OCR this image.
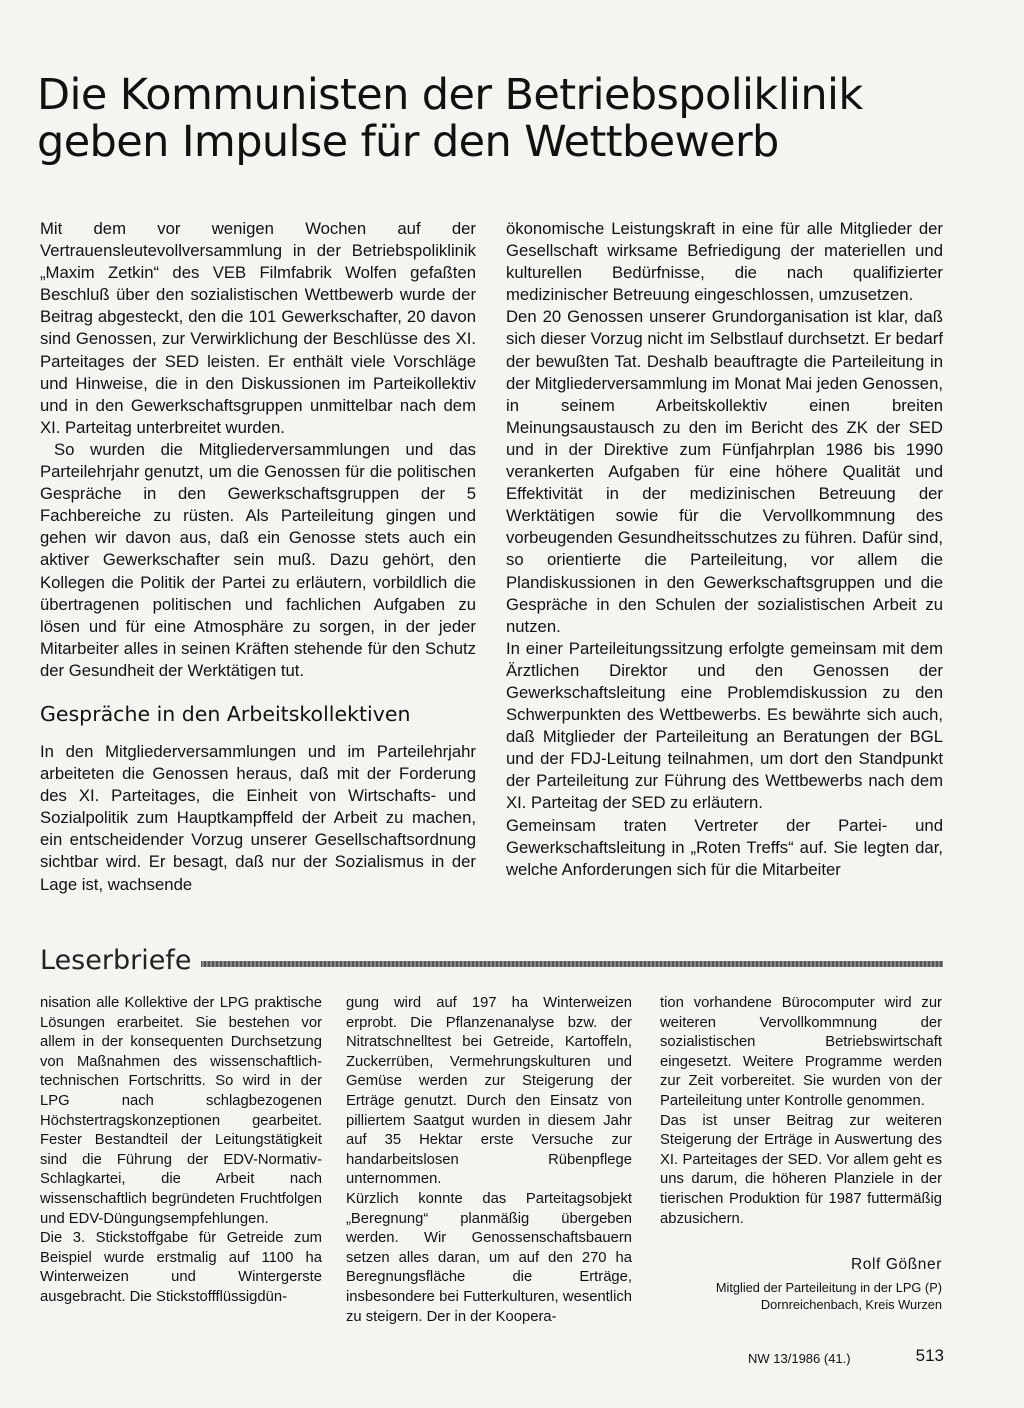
Die Kommunisten der Betriebspoliklinik
geben Impulse für den Wettbewerb

Mit dem vor wenigen Wochen auf der Vertrauensleutevollversammlung in der Betriebspoliklinik „Maxim Zetkin“ des VEB Filmfabrik Wolfen gefaßten Beschluß über den sozialistischen Wettbewerb wurde der Beitrag abgesteckt, den die 101 Gewerkschafter, 20 davon sind Genossen, zur Verwirklichung der Beschlüsse des XI. Parteitages der SED leisten. Er enthält viele Vorschläge und Hinweise, die in den Diskussionen im Parteikollektiv und in den Gewerkschaftsgruppen unmittelbar nach dem XI. Parteitag unterbreitet wurden.

So wurden die Mitgliederversammlungen und das Parteilehrjahr genutzt, um die Genossen für die politischen Gespräche in den Gewerkschaftsgruppen der 5 Fachbereiche zu rüsten. Als Parteileitung gingen und gehen wir davon aus, daß ein Genosse stets auch ein aktiver Gewerkschafter sein muß. Dazu gehört, den Kollegen die Politik der Partei zu erläutern, vorbildlich die übertragenen politischen und fachlichen Aufgaben zu lösen und für eine Atmosphäre zu sorgen, in der jeder Mitarbeiter alles in seinen Kräften stehende für den Schutz der Gesundheit der Werktätigen tut.

Gespräche in den Arbeitskollektiven

In den Mitgliederversammlungen und im Parteilehrjahr arbeiteten die Genossen heraus, daß mit der Forderung des XI. Parteitages, die Einheit von Wirtschafts- und Sozialpolitik zum Hauptkampffeld der Arbeit zu machen, ein entscheidender Vorzug unserer Gesellschaftsordnung sichtbar wird. Er besagt, daß nur der Sozialismus in der Lage ist, wachsende

ökonomische Leistungskraft in eine für alle Mitglieder der Gesellschaft wirksame Befriedigung der materiellen und kulturellen Bedürfnisse, die nach qualifizierter medizinischer Betreuung eingeschlossen, umzusetzen.

Den 20 Genossen unserer Grundorganisation ist klar, daß sich dieser Vorzug nicht im Selbstlauf durchsetzt. Er bedarf der bewußten Tat. Deshalb beauftragte die Parteileitung in der Mitgliederversammlung im Monat Mai jeden Genossen, in seinem Arbeitskollektiv einen breiten Meinungsaustausch zu den im Bericht des ZK der SED und in der Direktive zum Fünfjahrplan 1986 bis 1990 verankerten Aufgaben für eine höhere Qualität und Effektivität in der medizinischen Betreuung der Werktätigen sowie für die Vervollkommnung des vorbeugenden Gesundheitsschutzes zu führen. Dafür sind, so orientierte die Parteileitung, vor allem die Plandiskussionen in den Gewerkschaftsgruppen und die Gespräche in den Schulen der sozialistischen Arbeit zu nutzen.

In einer Parteileitungssitzung erfolgte gemeinsam mit dem Ärztlichen Direktor und den Genossen der Gewerkschaftsleitung eine Problemdiskussion zu den Schwerpunkten des Wettbewerbs. Es bewährte sich auch, daß Mitglieder der Parteileitung an Beratungen der BGL und der FDJ-Leitung teilnahmen, um dort den Standpunkt der Parteileitung zur Führung des Wettbewerbs nach dem XI. Parteitag der SED zu erläutern.

Gemeinsam traten Vertreter der Partei- und Gewerkschaftsleitung in „Roten Treffs“ auf. Sie legten dar, welche Anforderungen sich für die Mitarbeiter

Leserbriefe

nisation alle Kollektive der LPG praktische Lösungen erarbeitet. Sie bestehen vor allem in der konsequenten Durchsetzung von Maßnahmen des wissenschaftlich-technischen Fortschritts. So wird in der LPG nach schlagbezogenen Höchstertragskonzeptionen gearbeitet. Fester Bestandteil der Leitungstätigkeit sind die Führung der EDV-Normativ-Schlagkartei, die Arbeit nach wissenschaftlich begründeten Fruchtfolgen und EDV-Düngungsempfehlungen.

Die 3. Stickstoffgabe für Getreide zum Beispiel wurde erstmalig auf 1100 ha Winterweizen und Wintergerste ausgebracht. Die Stickstoffflüssigdün-

gung wird auf 197 ha Winterweizen erprobt. Die Pflanzenanalyse bzw. der Nitratschnelltest bei Getreide, Kartoffeln, Zuckerrüben, Vermehrungskulturen und Gemüse werden zur Steigerung der Erträge genutzt. Durch den Einsatz von pilliertem Saatgut wurden in diesem Jahr auf 35 Hektar erste Versuche zur handarbeitslosen Rübenpflege unternommen.

Kürzlich konnte das Parteitagsobjekt „Beregnung“ planmäßig übergeben werden. Wir Genossenschaftsbauern setzen alles daran, um auf den 270 ha Beregnungsfläche die Erträge, insbesondere bei Futterkulturen, wesentlich zu steigern. Der in der Koopera-

tion vorhandene Bürocomputer wird zur weiteren Vervollkommnung der sozialistischen Betriebswirtschaft eingesetzt. Weitere Programme werden zur Zeit vorbereitet. Sie wurden von der Parteileitung unter Kontrolle genommen.

Das ist unser Beitrag zur weiteren Steigerung der Erträge in Auswertung des XI. Parteitages der SED. Vor allem geht es uns darum, die höheren Planziele in der tierischen Produktion für 1987 futtermäßig abzusichern.

Rolf Gößner

Mitglied der Parteileitung in der LPG (P)
Dornreichenbach, Kreis Wurzen

NW 13/1986 (41.)	513
